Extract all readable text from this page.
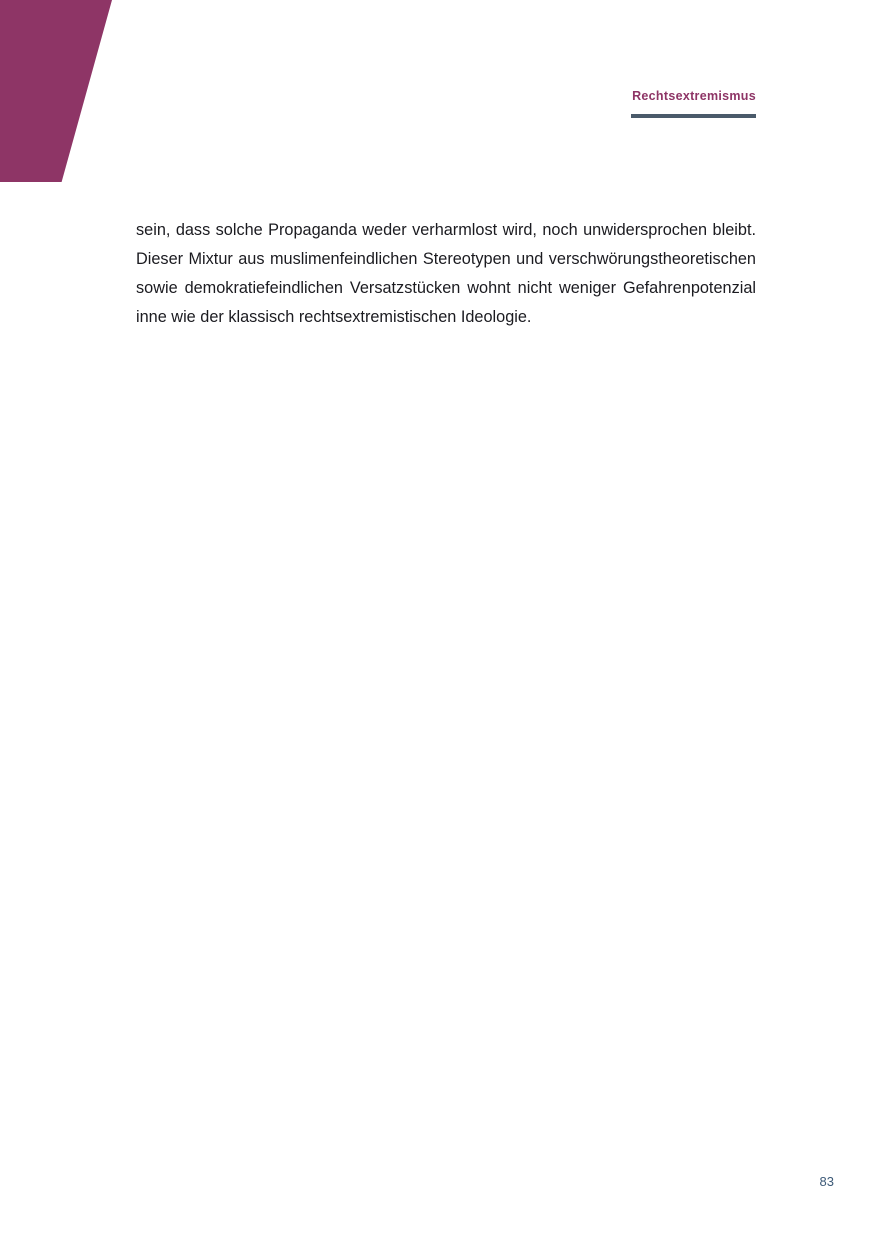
Rechtsextremismus

sein, dass solche Propaganda weder verharmlost wird, noch unwidersprochen bleibt. Dieser Mixtur aus muslimenfeindlichen Stereotypen und verschwörungstheoretischen sowie demokratiefeindlichen Versatzstücken wohnt nicht weniger Gefahrenpotenzial inne wie der klassisch rechtsextremistischen Ideologie.

83
